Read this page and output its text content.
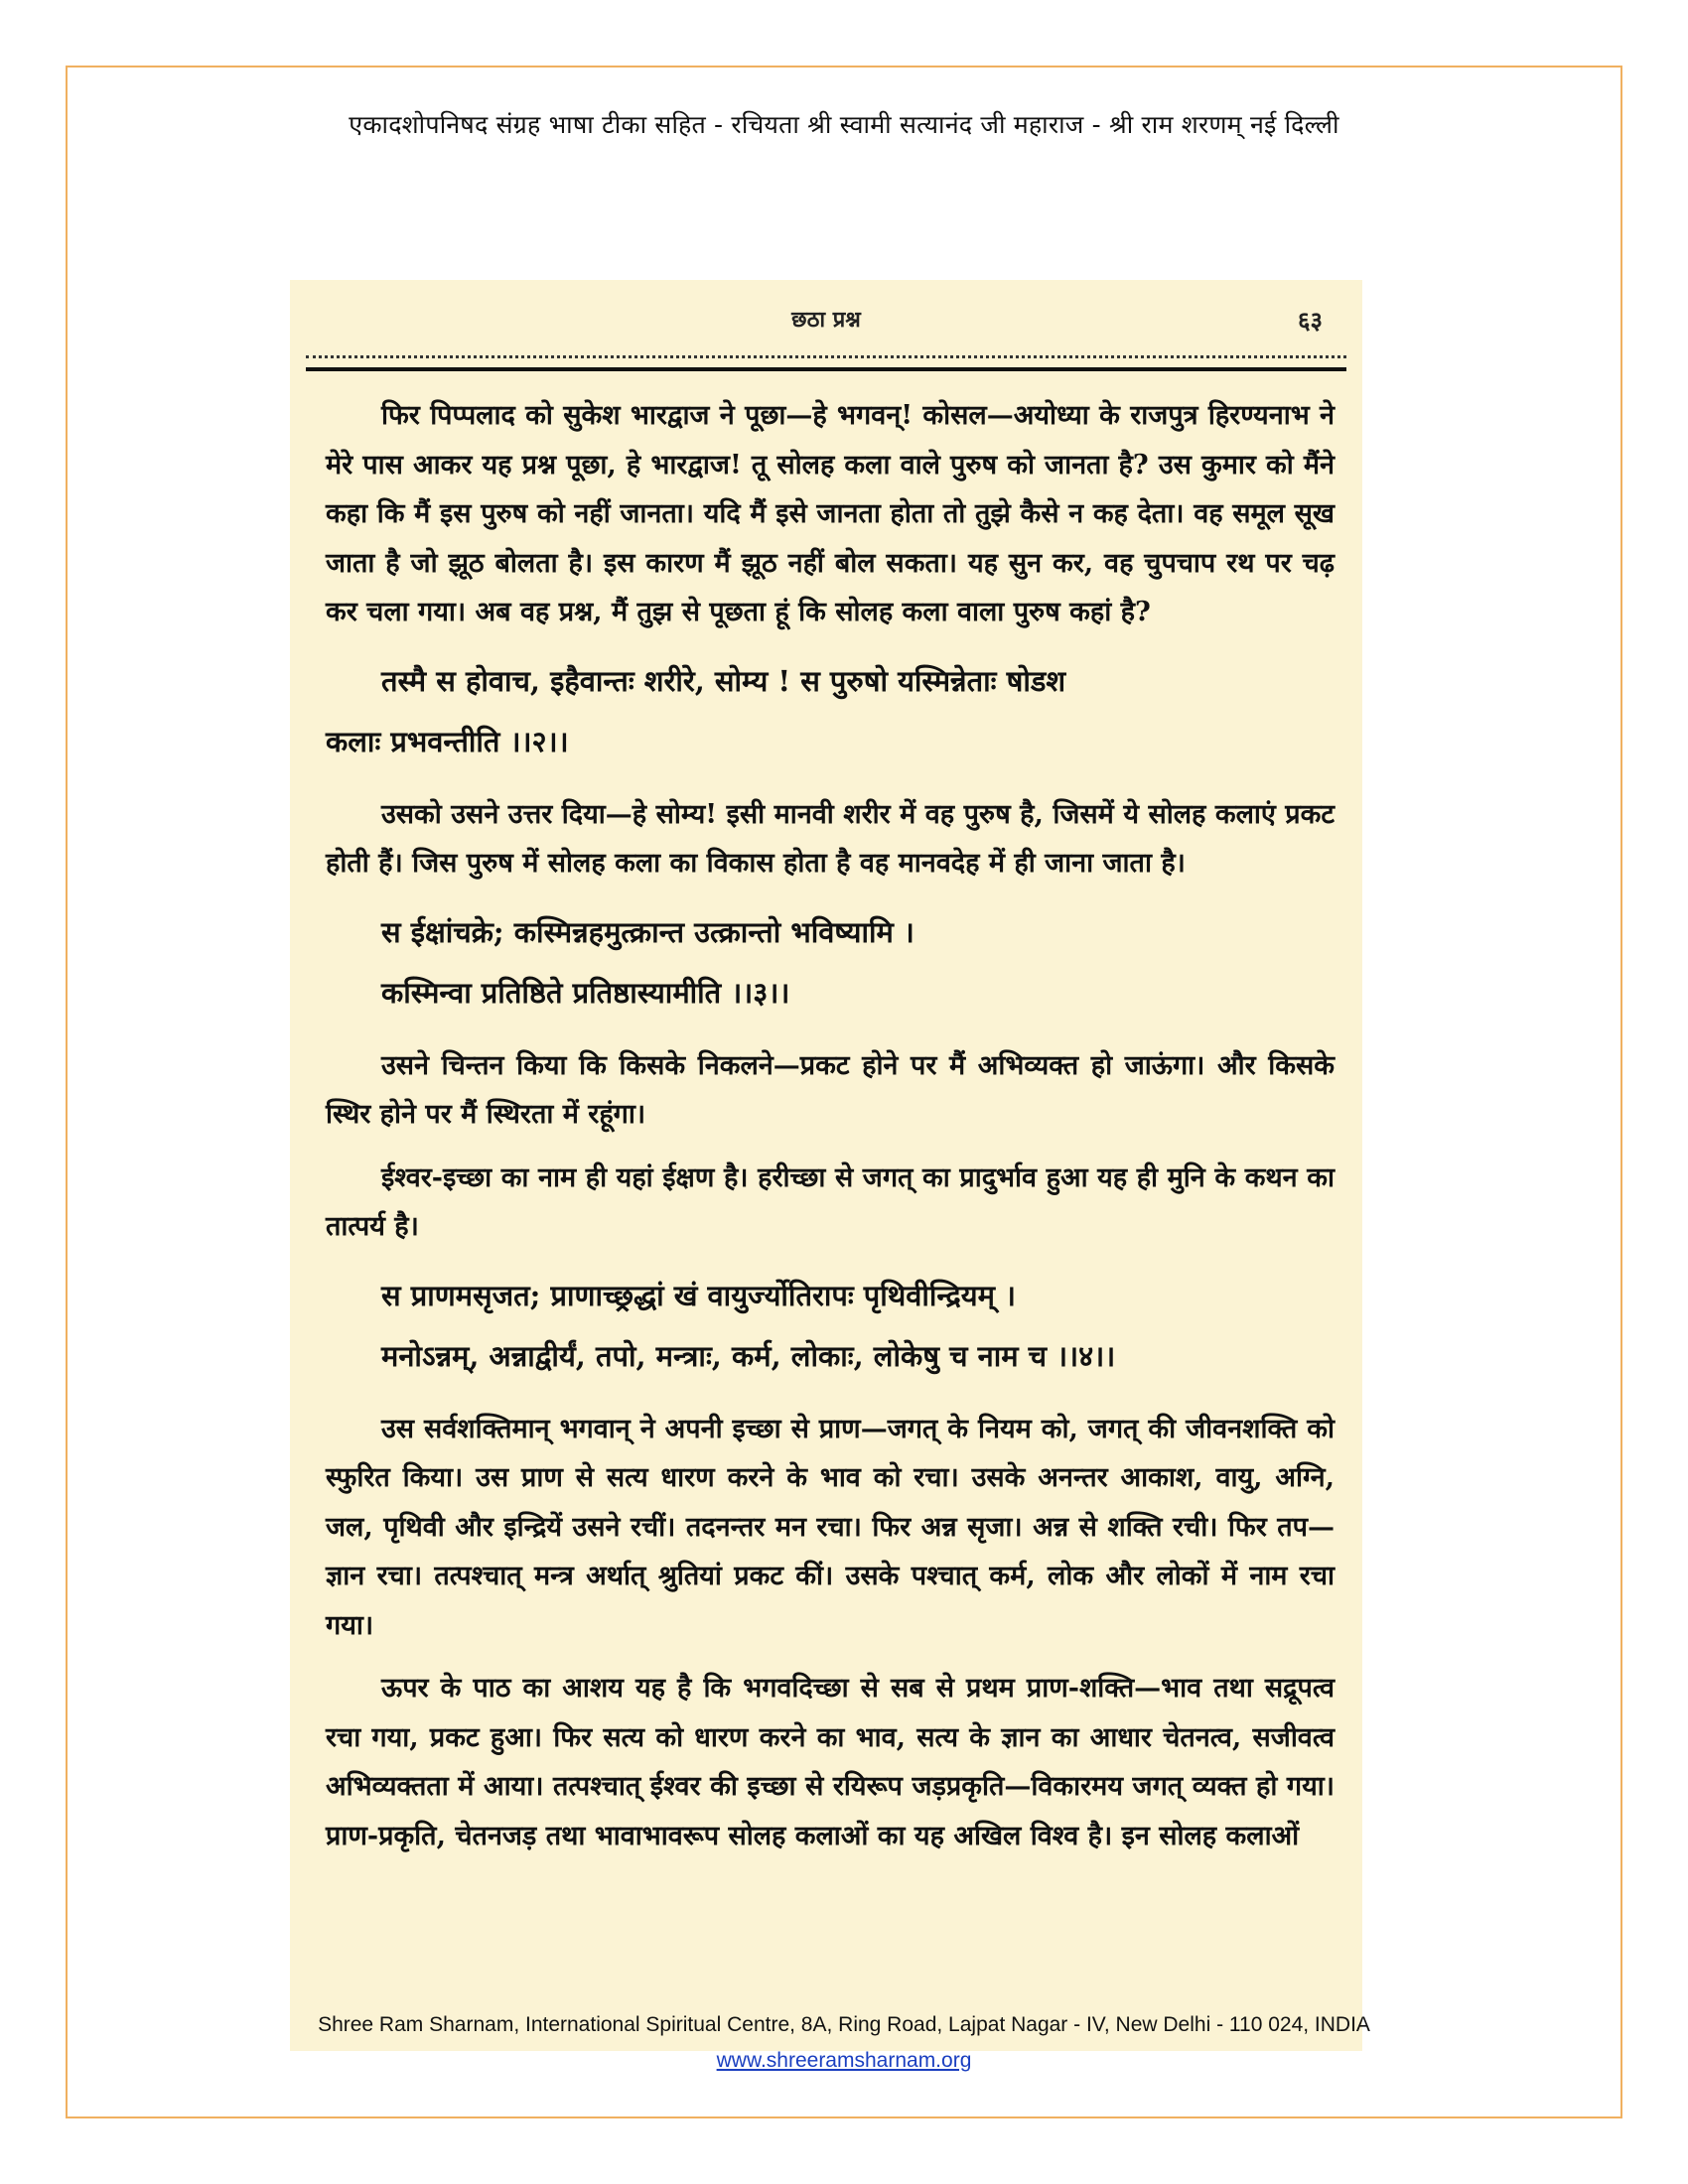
एकादशोपनिषद संग्रह भाषा टीका सहित - रचियता श्री स्वामी सत्यानंद जी महाराज - श्री राम शरणम् नई दिल्ली
छठा प्रश्न	६३

फिर पिप्पलाद को सुकेश भारद्वाज ने पूछा—हे भगवन्! कोसल—अयोध्या के राजपुत्र हिरण्यनाभ ने मेरे पास आकर यह प्रश्न पूछा, हे भारद्वाज! तू सोलह कला वाले पुरुष को जानता है? उस कुमार को मैंने कहा कि मैं इस पुरुष को नहीं जानता। यदि मैं इसे जानता होता तो तुझे कैसे न कह देता। वह समूल सूख जाता है जो झूठ बोलता है। इस कारण मैं झूठ नहीं बोल सकता। यह सुन कर, वह चुपचाप रथ पर चढ़ कर चला गया। अब वह प्रश्न, मैं तुझ से पूछता हूं कि सोलह कला वाला पुरुष कहां है?

तस्मै स होवाच, इहैवान्तः शरीरे, सोम्य ! स पुरुषो यस्मिन्नेताः षोडश
कलाः प्रभवन्तीति ।।२।।

उसको उसने उत्तर दिया—हे सोम्य! इसी मानवी शरीर में वह पुरुष है, जिसमें ये सोलह कलाएं प्रकट होती हैं। जिस पुरुष में सोलह कला का विकास होता है वह मानवदेह में ही जाना जाता है।

स ईक्षांचक्रे; कस्मिन्नहमुत्क्रान्त उत्क्रान्तो भविष्यामि ।
कस्मिन्वा प्रतिष्ठिते प्रतिष्ठास्यामीति ।।३।।

उसने चिन्तन किया कि किसके निकलने—प्रकट होने पर मैं अभिव्यक्त हो जाऊंगा। और किसके स्थिर होने पर मैं स्थिरता में रहूंगा।

ईश्वर-इच्छा का नाम ही यहां ईक्षण है। हरीच्छा से जगत् का प्रादुर्भाव हुआ यह ही मुनि के कथन का तात्पर्य है।

स प्राणमसृजत; प्राणाच्छ्रद्धां खं वायुर्ज्योतिरापः पृथिवीन्द्रियम् ।
मनोऽन्नम्, अन्नाद्वीर्यं, तपो, मन्त्राः, कर्म, लोकाः, लोकेषु च नाम च ।।४।।

उस सर्वशक्तिमान् भगवान् ने अपनी इच्छा से प्राण—जगत् के नियम को, जगत् की जीवनशक्ति को स्फुरित किया। उस प्राण से सत्य धारण करने के भाव को रचा। उसके अनन्तर आकाश, वायु, अग्नि, जल, पृथिवी और इन्द्रियें उसने रचीं। तदनन्तर मन रचा। फिर अन्न सृजा। अन्न से शक्ति रची। फिर तप—ज्ञान रचा। तत्पश्चात् मन्त्र अर्थात् श्रुतियां प्रकट कीं। उसके पश्चात् कर्म, लोक और लोकों में नाम रचा गया।

ऊपर के पाठ का आशय यह है कि भगवदिच्छा से सब से प्रथम प्राण-शक्ति—भाव तथा सद्रूपत्व रचा गया, प्रकट हुआ। फिर सत्य को धारण करने का भाव, सत्य के ज्ञान का आधार चेतनत्व, सजीवत्व अभिव्यक्तता में आया। तत्पश्चात् ईश्वर की इच्छा से रयिरूप जड़प्रकृति—विकारमय जगत् व्यक्त हो गया। प्राण-प्रकृति, चेतनजड़ तथा भावाभावरूप सोलह कलाओं का यह अखिल विश्व है। इन सोलह कलाओं

Shree Ram Sharnam, International Spiritual Centre, 8A, Ring Road, Lajpat Nagar - IV, New Delhi - 110 024, INDIA
www.shreeramsharnam.org
